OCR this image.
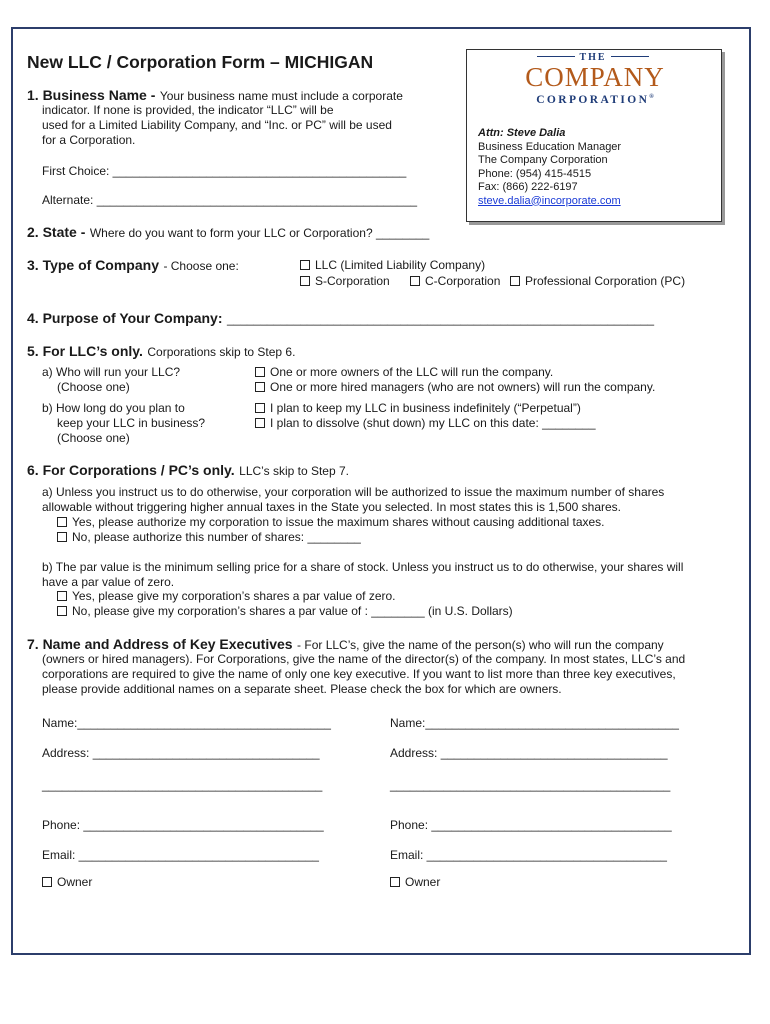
New LLC / Corporation Form – MICHIGAN	THE
COMPANY
CORPORATION®
Attn: Steve Dalia
Business Education Manager
The Company Corporation
Phone: (954) 415-4515
Fax: (866) 222-6197
steve.dalia@incorporate.com
1. Business Name - Your business name must include a corporate
indicator. If none is provided, the indicator “LLC” will be
used for a Limited Liability Company, and “Inc. or PC” will be used
for a Corporation.
First Choice: ____________________________________________
Alternate: ________________________________________________
2. State - Where do you want to form your LLC or Corporation? ________
3. Type of Company - Choose one:	LLC (Limited Liability Company)
S-Corporation	C-Corporation	Professional Corporation (PC)
4. Purpose of Your Company: ________________________________________________________________
5. For LLC’s only. Corporations skip to Step 6.
a) Who will run your LLC?
(Choose one)
One or more owners of the LLC will run the company.
One or more hired managers (who are not owners) will run the company.
b) How long do you plan to
keep your LLC in business?
(Choose one)
I plan to keep my LLC in business indefinitely (“Perpetual”)
I plan to dissolve (shut down) my LLC on this date: ________
6. For Corporations / PC’s only. LLC’s skip to Step 7.
a) Unless you instruct us to do otherwise, your corporation will be authorized to issue the maximum number of shares
allowable without triggering higher annual taxes in the State you selected. In most states this is 1,500 shares.
Yes, please authorize my corporation to issue the maximum shares without causing additional taxes.
No, please authorize this number of shares: ________
b) The par value is the minimum selling price for a share of stock. Unless you instruct us to do otherwise, your shares will
have a par value of zero.
Yes, please give my corporation’s shares a par value of zero.
No, please give my corporation’s shares a par value of : ________ (in U.S. Dollars)
7. Name and Address of Key Executives - For LLC’s, give the name of the person(s) who will run the company
(owners or hired managers). For Corporations, give the name of the director(s) of the company. In most states, LLC’s and
corporations are required to give the name of only one key executive. If you want to list more than three key executives,
please provide additional names on a separate sheet. Please check the box for which are owners.
Name:______________________________________
Address: __________________________________
__________________________________________
Phone: ____________________________________
Email: ____________________________________
Owner
Name:______________________________________
Address: __________________________________
__________________________________________
Phone: ____________________________________
Email: ____________________________________
Owner
